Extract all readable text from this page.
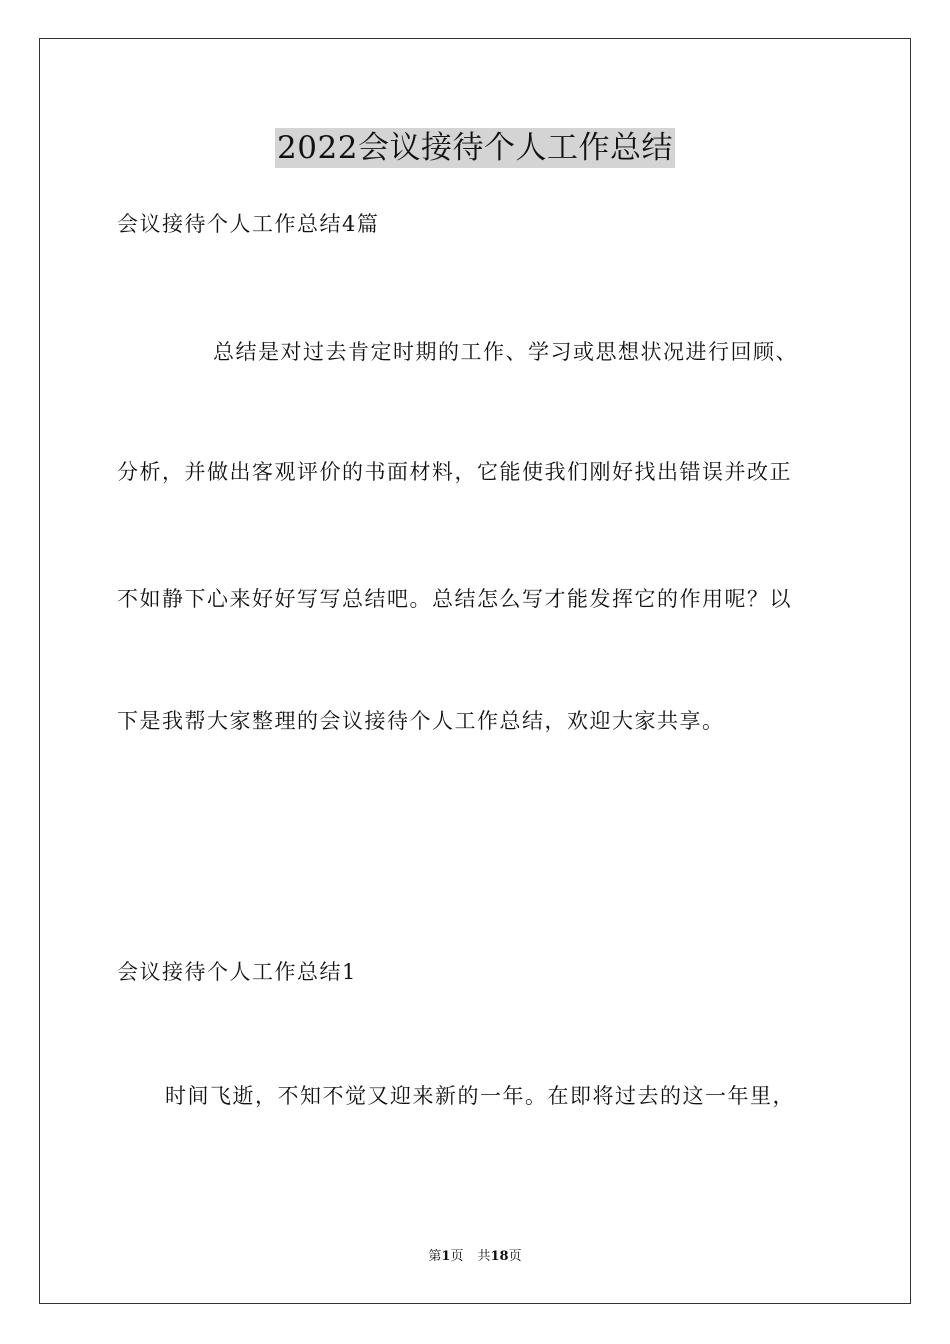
2022会议接待个人工作总结
会议接待个人工作总结4篇
总结是对过去肯定时期的工作、学习或思想状况进行回顾、
分析，并做出客观评价的书面材料，它能使我们刚好找出错误并改正
不如静下心来好好写写总结吧。总结怎么写才能发挥它的作用呢？以
下是我帮大家整理的会议接待个人工作总结，欢迎大家共享。
会议接待个人工作总结1
时间飞逝，不知不觉又迎来新的一年。在即将过去的这一年里，
第1页 共18页
